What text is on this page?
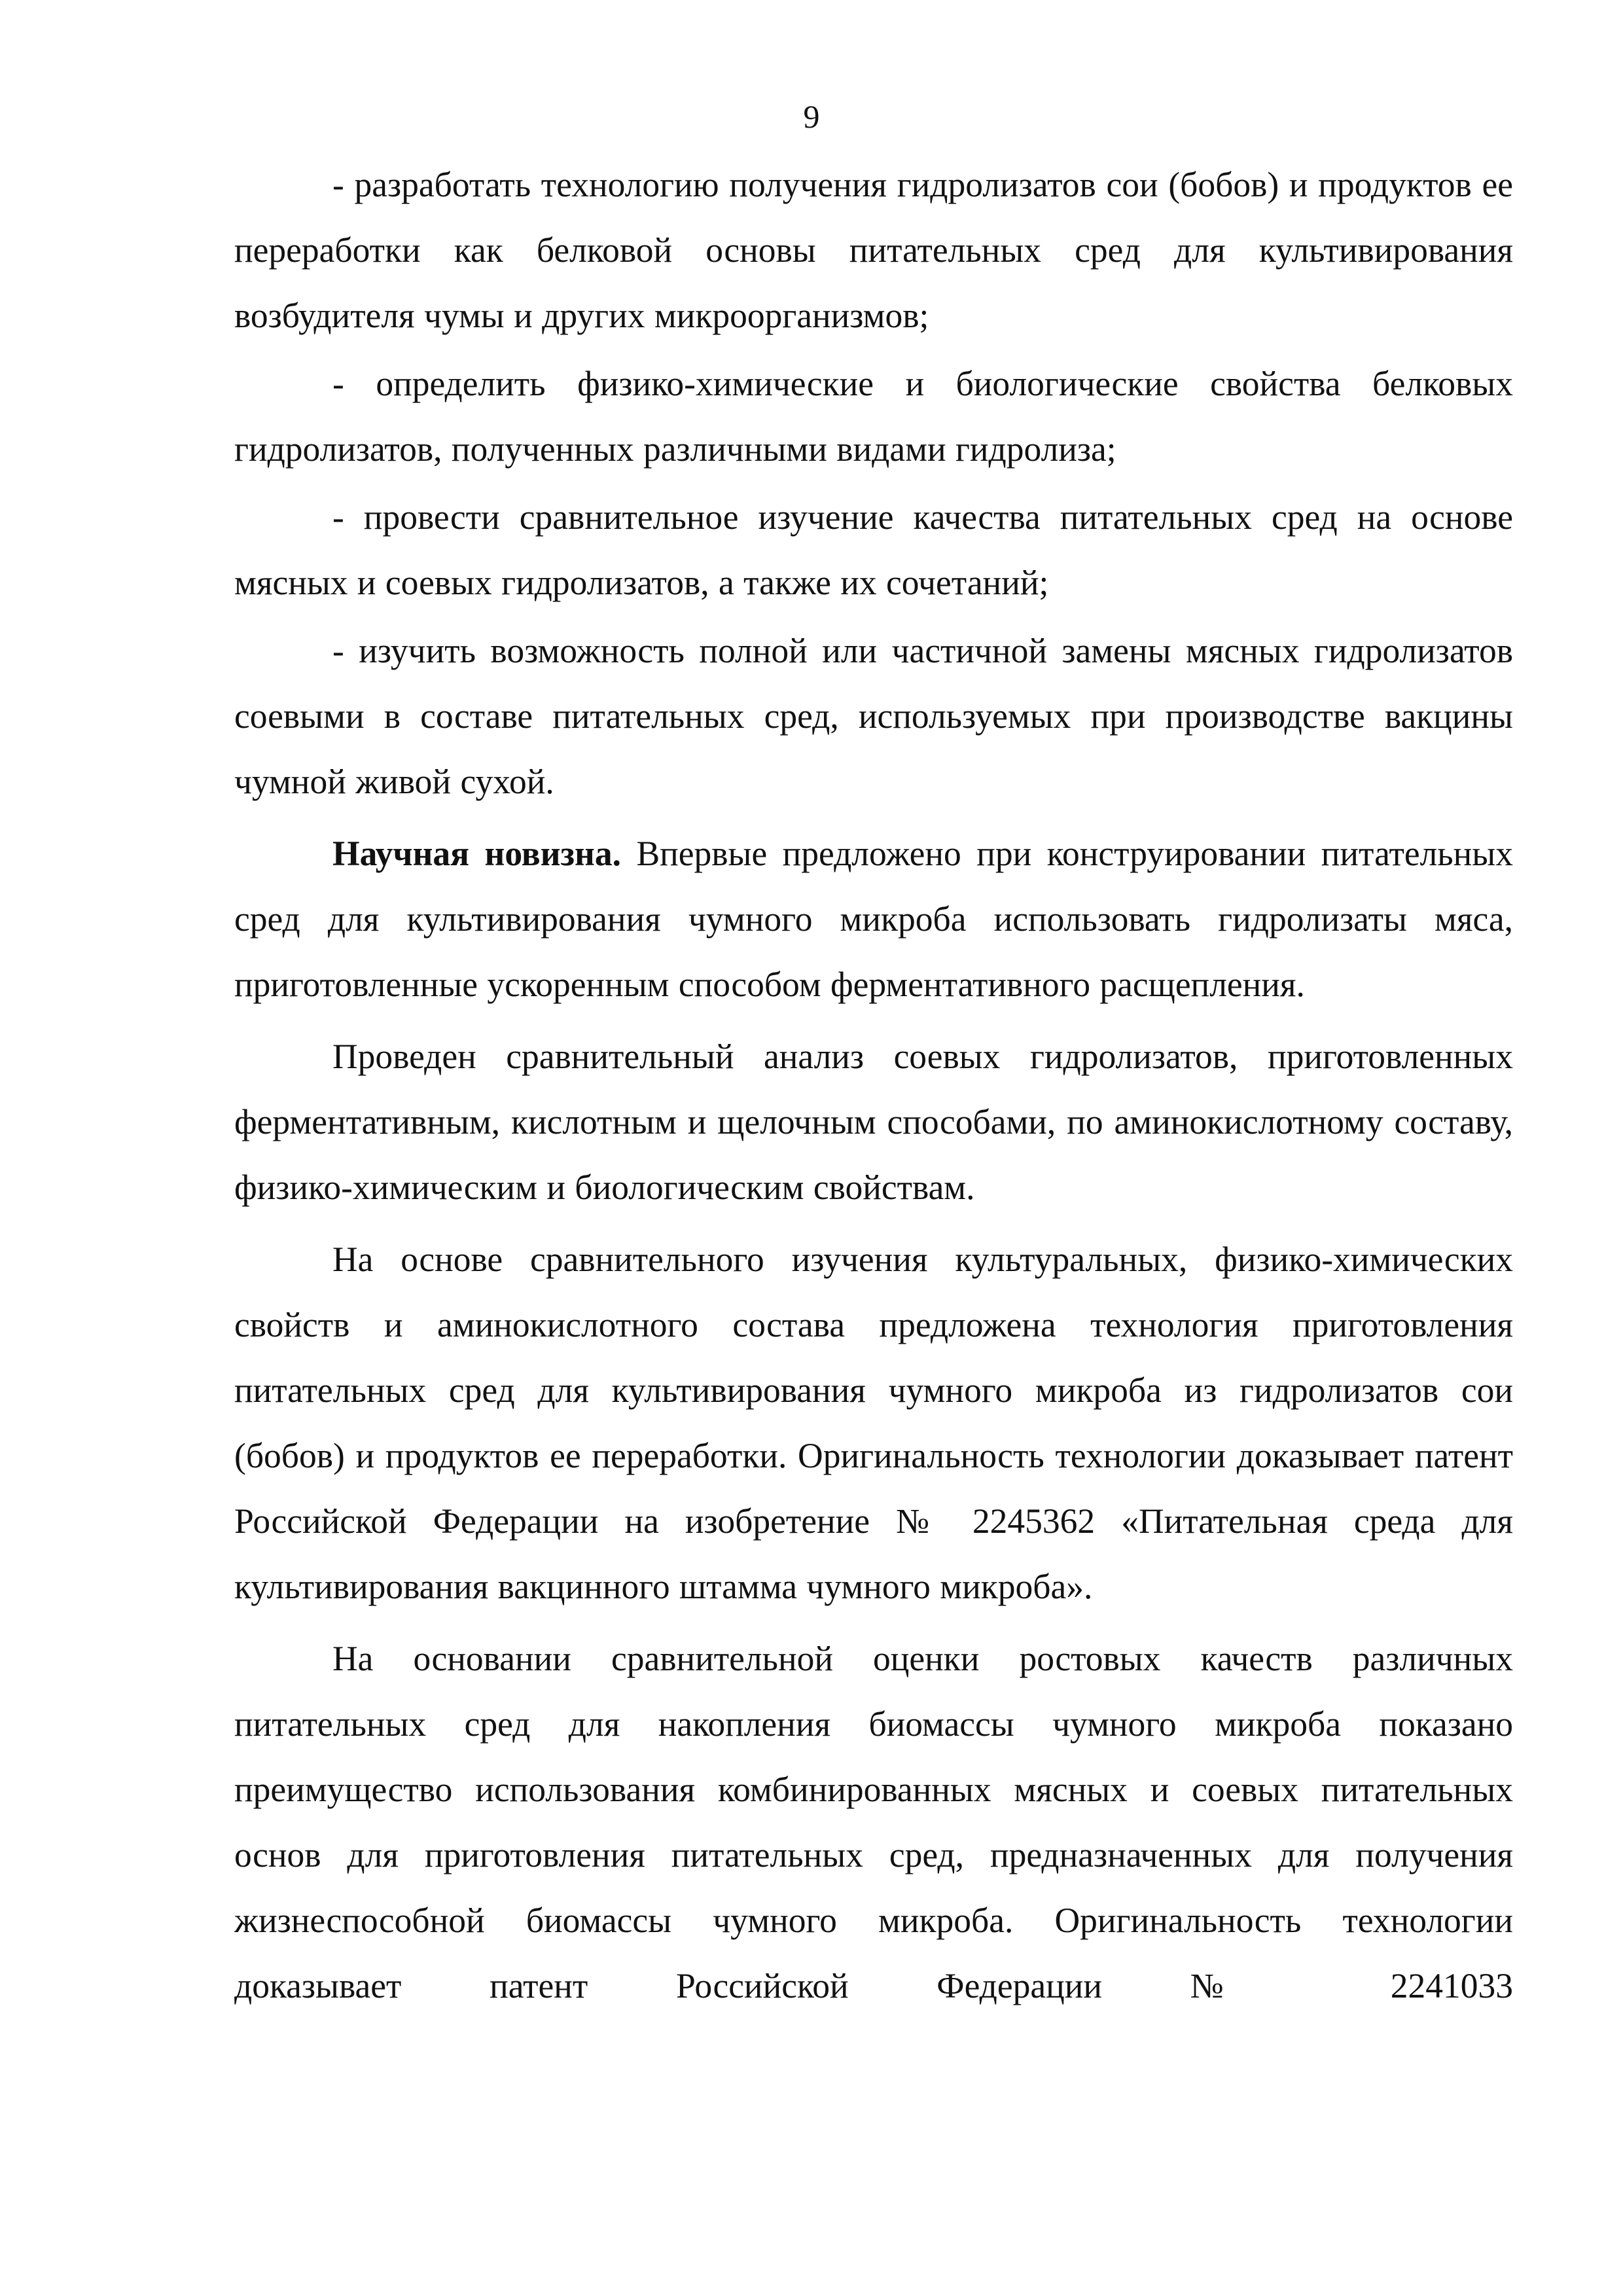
9

- разработать технологию получения гидролизатов сои (бобов) и продуктов ее переработки как белковой основы питательных сред для культивирования возбудителя чумы и других микроорганизмов;

- определить физико-химические и биологические свойства белковых гидролизатов, полученных различными видами гидролиза;

- провести сравнительное изучение качества питательных сред на основе мясных и соевых гидролизатов, а также их сочетаний;

- изучить возможность полной или частичной замены мясных гидролизатов соевыми в составе питательных сред, используемых при производстве вакцины чумной живой сухой.

Научная новизна. Впервые предложено при конструировании питательных сред для культивирования чумного микроба использовать гидролизаты мяса, приготовленные ускоренным способом ферментативного расщепления.

Проведен сравнительный анализ соевых гидролизатов, приготовленных ферментативным, кислотным и щелочным способами, по аминокислотному составу, физико-химическим и биологическим свойствам.

На основе сравнительного изучения культуральных, физико-химических свойств и аминокислотного состава предложена технология приготовления питательных сред для культивирования чумного микроба из гидролизатов сои (бобов) и продуктов ее переработки. Оригинальность технологии доказывает патент Российской Федерации на изобретение № 2245362 «Питательная среда для культивирования вакцинного штамма чумного микроба».

На основании сравнительной оценки ростовых качеств различных питательных сред для накопления биомассы чумного микроба показано преимущество использования комбинированных мясных и соевых питательных основ для приготовления питательных сред, предназначенных для получения жизнеспособной биомассы чумного микроба. Оригинальность технологии доказывает патент Российской Федерации № 2241033
